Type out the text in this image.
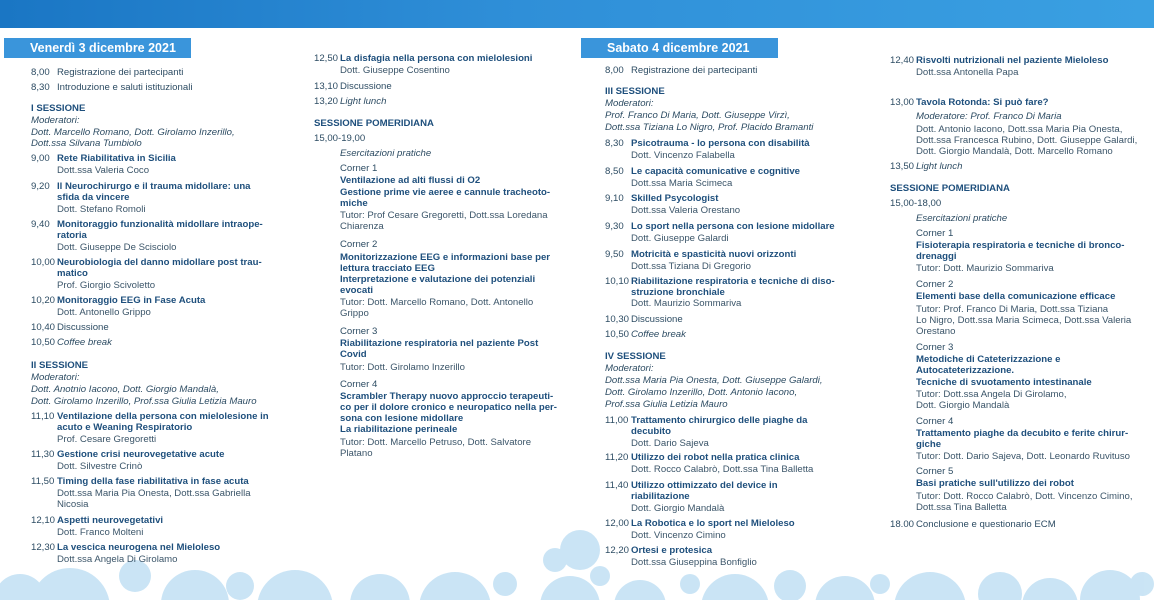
Venerdì 3 dicembre 2021
8,00 Registrazione dei partecipanti
8,30 Introduzione e saluti istituzionali
I SESSIONE
Moderatori:
Dott. Marcello Romano, Dott. Girolamo Inzerillo,
Dott.ssa Silvana Tumbiolo
9,00 Rete Riabilitativa in Sicilia
Dott.ssa Valeria Coco
9,20 Il Neurochirurgo e il trauma midollare: una
sfida da vincere
Dott. Stefano Romoli
9,40 Monitoraggio funzionalità midollare intraope-
ratoria
Dott. Giuseppe De Scisciolo
10,00 Neurobiologia del danno midollare post trau-
matico
Prof. Giorgio Scivoletto
10,20 Monitoraggio EEG in Fase Acuta
Dott. Antonello Grippo
10,40 Discussione
10,50 Coffee break
II SESSIONE
Moderatori:
Dott. Anotnio Iacono, Dott. Giorgio Mandalà,
Dott. Girolamo Inzerillo, Prof.ssa Giulia Letizia Mauro
11,10 Ventilazione della persona con mielolesione in
acuto e Weaning Respiratorio
Prof. Cesare Gregoretti
11,30 Gestione crisi neurovegetative acute
Dott. Silvestre Crinò
11,50 Timing della fase riabilitativa in fase acuta
Dott.ssa Maria Pia Onesta, Dott.ssa Gabriella
Nicosia
12,10 Aspetti neurovegetativi
Dott. Franco Molteni
12,30 La vescica neurogena nel Mieloleso
Dott.ssa Angela Di Girolamo
12,50 La disfagia nella persona con mielolesioni
Dott. Giuseppe Cosentino
13,10 Discussione
13,20 Light lunch
SESSIONE POMERIDIANA
15,00-19,00
Esercitazioni pratiche
Corner 1
Ventilazione ad alti flussi di O2
Gestione prime vie aeree e cannule tracheoto-
miche
Tutor: Prof Cesare Gregoretti, Dott.ssa Loredana
Chiarenza
Corner 2
Monitorizzazione EEG e informazioni base per
lettura tracciato EEG
Interpretazione e valutazione dei potenziali
evocati
Tutor: Dott. Marcello Romano, Dott. Antonello
Grippo
Corner 3
Riabilitazione respiratoria nel paziente Post
Covid
Tutor: Dott. Girolamo Inzerillo
Corner 4
Scrambler Therapy nuovo approccio terapeuti-
co per il dolore cronico e neuropatico nella per-
sona con lesione midollare
La riabilitazione perineale
Tutor: Dott. Marcello Petruso, Dott. Salvatore
Platano
Sabato 4 dicembre 2021
8,00 Registrazione dei partecipanti
III SESSIONE
Moderatori:
Prof. Franco Di Maria, Dott. Giuseppe Virzì,
Dott.ssa Tiziana Lo Nigro, Prof. Placido Bramanti
8,30 Psicotrauma - lo persona con disabilità
Dott. Vincenzo Falabella
8,50 Le capacità comunicative e cognitive
Dott.ssa Maria Scimeca
9,10 Skilled Psycologist
Dott.ssa Valeria Orestano
9,30 Lo sport nella persona con lesione midollare
Dott. Giuseppe Galardi
9,50 Motricità e spasticità nuovi orizzonti
Dott.ssa Tiziana Di Gregorio
10,10 Riabilitazione respiratoria e tecniche di diso-
struzione bronchiale
Dott. Maurizio Sommariva
10,30 Discussione
10,50 Coffee break
IV SESSIONE
Moderatori:
Dott.ssa Maria Pia Onesta, Dott. Giuseppe Galardi,
Dott. Girolamo Inzerillo, Dott. Antonio Iacono,
Prof.ssa Giulia Letizia Mauro
11,00 Trattamento chirurgico delle piaghe da
decubito
Dott. Dario Sajeva
11,20 Utilizzo dei robot nella pratica clinica
Dott. Rocco Calabrò, Dott.ssa Tina Balletta
11,40 Utilizzo ottimizzato del device in
riabilitazione
Dott. Giorgio Mandalà
12,00 La Robotica e lo sport nel Mieloleso
Dott. Vincenzo Cimino
12,20 Ortesi e protesica
Dott.ssa Giuseppina Bonfiglio
12,40 Risvolti nutrizionali nel paziente Mieloleso
Dott.ssa Antonella Papa
13,00 Tavola Rotonda: Si può fare?
Moderatore: Prof. Franco Di Maria
Dott. Antonio Iacono, Dott.ssa Maria Pia Onesta,
Dott.ssa Francesca Rubino, Dott. Giuseppe Galardi,
Dott. Giorgio Mandalà, Dott. Marcello Romano
13,50 Light lunch
SESSIONE POMERIDIANA
15,00-18,00
Esercitazioni pratiche
Corner 1
Fisioterapia respiratoria e tecniche di bronco-
drenaggi
Tutor: Dott. Maurizio Sommariva
Corner 2
Elementi base della comunicazione efficace
Tutor: Prof. Franco Di Maria, Dott.ssa Tiziana
Lo Nigro, Dott.ssa Maria Scimeca, Dott.ssa Valeria
Orestano
Corner 3
Metodiche di Cateterizzazione e
Autocateterizzazione.
Tecniche di svuotamento intestinanale
Tutor: Dott.ssa Angela Di Girolamo,
Dott. Giorgio Mandalà
Corner 4
Trattamento piaghe da decubito e ferite chirur-
giche
Tutor: Dott. Dario Sajeva, Dott. Leonardo Ruvituso
Corner 5
Basi pratiche sull'utilizzo dei robot
Tutor: Dott. Rocco Calabrò, Dott. Vincenzo Cimino,
Dott.ssa Tina Balletta
18.00 Conclusione e questionario ECM
